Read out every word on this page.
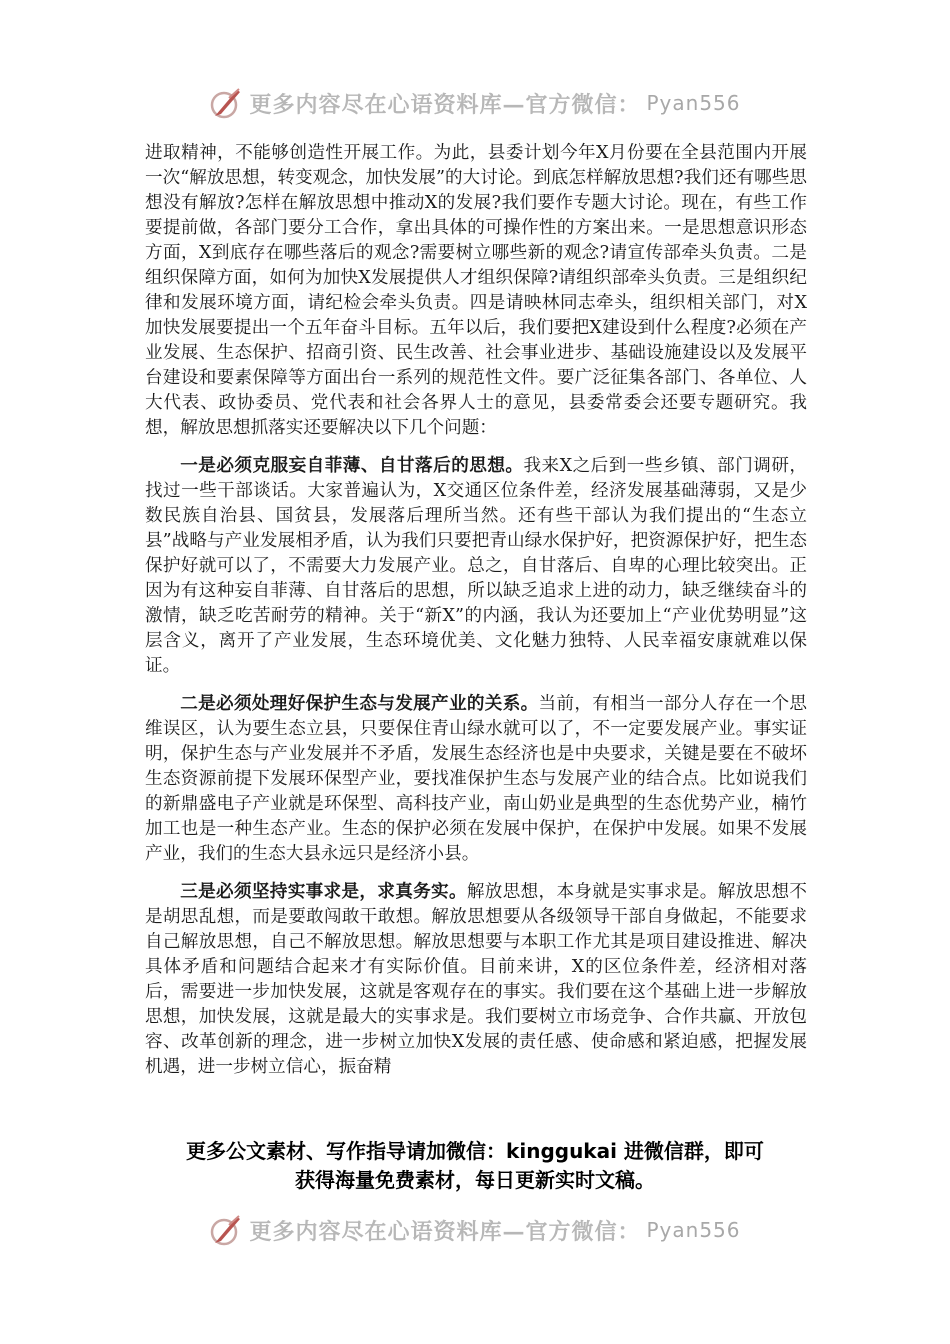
更多内容尽在心语资料库—官方微信： Pyan556

进取精神，不能够创造性开展工作。为此，县委计划今年X月份要在全县范围内开展一次“解放思想，转变观念，加快发展”的大讨论。到底怎样解放思想?我们还有哪些思想没有解放?怎样在解放思想中推动X的发展?我们要作专题大讨论。现在，有些工作要提前做，各部门要分工合作，拿出具体的可操作性的方案出来。一是思想意识形态方面，X到底存在哪些落后的观念?需要树立哪些新的观念?请宣传部牵头负责。二是组织保障方面，如何为加快X发展提供人才组织保障?请组织部牵头负责。三是组织纪律和发展环境方面，请纪检会牵头负责。四是请映林同志牵头，组织相关部门，对X加快发展要提出一个五年奋斗目标。五年以后，我们要把X建设到什么程度?必须在产业发展、生态保护、招商引资、民生改善、社会事业进步、基础设施建设以及发展平台建设和要素保障等方面出台一系列的规范性文件。要广泛征集各部门、各单位、人大代表、政协委员、党代表和社会各界人士的意见，县委常委会还要专题研究。我想，解放思想抓落实还要解决以下几个问题：

一是必须克服妄自菲薄、自甘落后的思想。我来X之后到一些乡镇、部门调研，找过一些干部谈话。大家普遍认为，X交通区位条件差，经济发展基础薄弱，又是少数民族自治县、国贫县，发展落后理所当然。还有些干部认为我们提出的“生态立县”战略与产业发展相矛盾，认为我们只要把青山绿水保护好，把资源保护好，把生态保护好就可以了，不需要大力发展产业。总之，自甘落后、自卑的心理比较突出。正因为有这种妄自菲薄、自甘落后的思想，所以缺乏追求上进的动力，缺乏继续奋斗的激情，缺乏吃苦耐劳的精神。关于“新X”的内涵，我认为还要加上“产业优势明显”这层含义，离开了产业发展，生态环境优美、文化魅力独特、人民幸福安康就难以保证。

二是必须处理好保护生态与发展产业的关系。当前，有相当一部分人存在一个思维误区，认为要生态立县，只要保住青山绿水就可以了，不一定要发展产业。事实证明，保护生态与产业发展并不矛盾，发展生态经济也是中央要求，关键是要在不破坏生态资源前提下发展环保型产业，要找准保护生态与发展产业的结合点。比如说我们的新鼎盛电子产业就是环保型、高科技产业，南山奶业是典型的生态优势产业，楠竹加工也是一种生态产业。生态的保护必须在发展中保护，在保护中发展。如果不发展产业，我们的生态大县永远只是经济小县。

三是必须坚持实事求是，求真务实。解放思想，本身就是实事求是。解放思想不是胡思乱想，而是要敢闯敢干敢想。解放思想要从各级领导干部自身做起，不能要求自己解放思想，自己不解放思想。解放思想要与本职工作尤其是项目建设推进、解决具体矛盾和问题结合起来才有实际价值。目前来讲，X的区位条件差，经济相对落后，需要进一步加快发展，这就是客观存在的事实。我们要在这个基础上进一步解放思想，加快发展，这就是最大的实事求是。我们要树立市场竞争、合作共赢、开放包容、改革创新的理念，进一步树立加快X发展的责任感、使命感和紧迫感，把握发展机遇，进一步树立信心，振奋精

更多公文素材、写作指导请加微信：kinggukai 进微信群，即可
获得海量免费素材，每日更新实时文稿。
更多内容尽在心语资料库—官方微信： Pyan556
